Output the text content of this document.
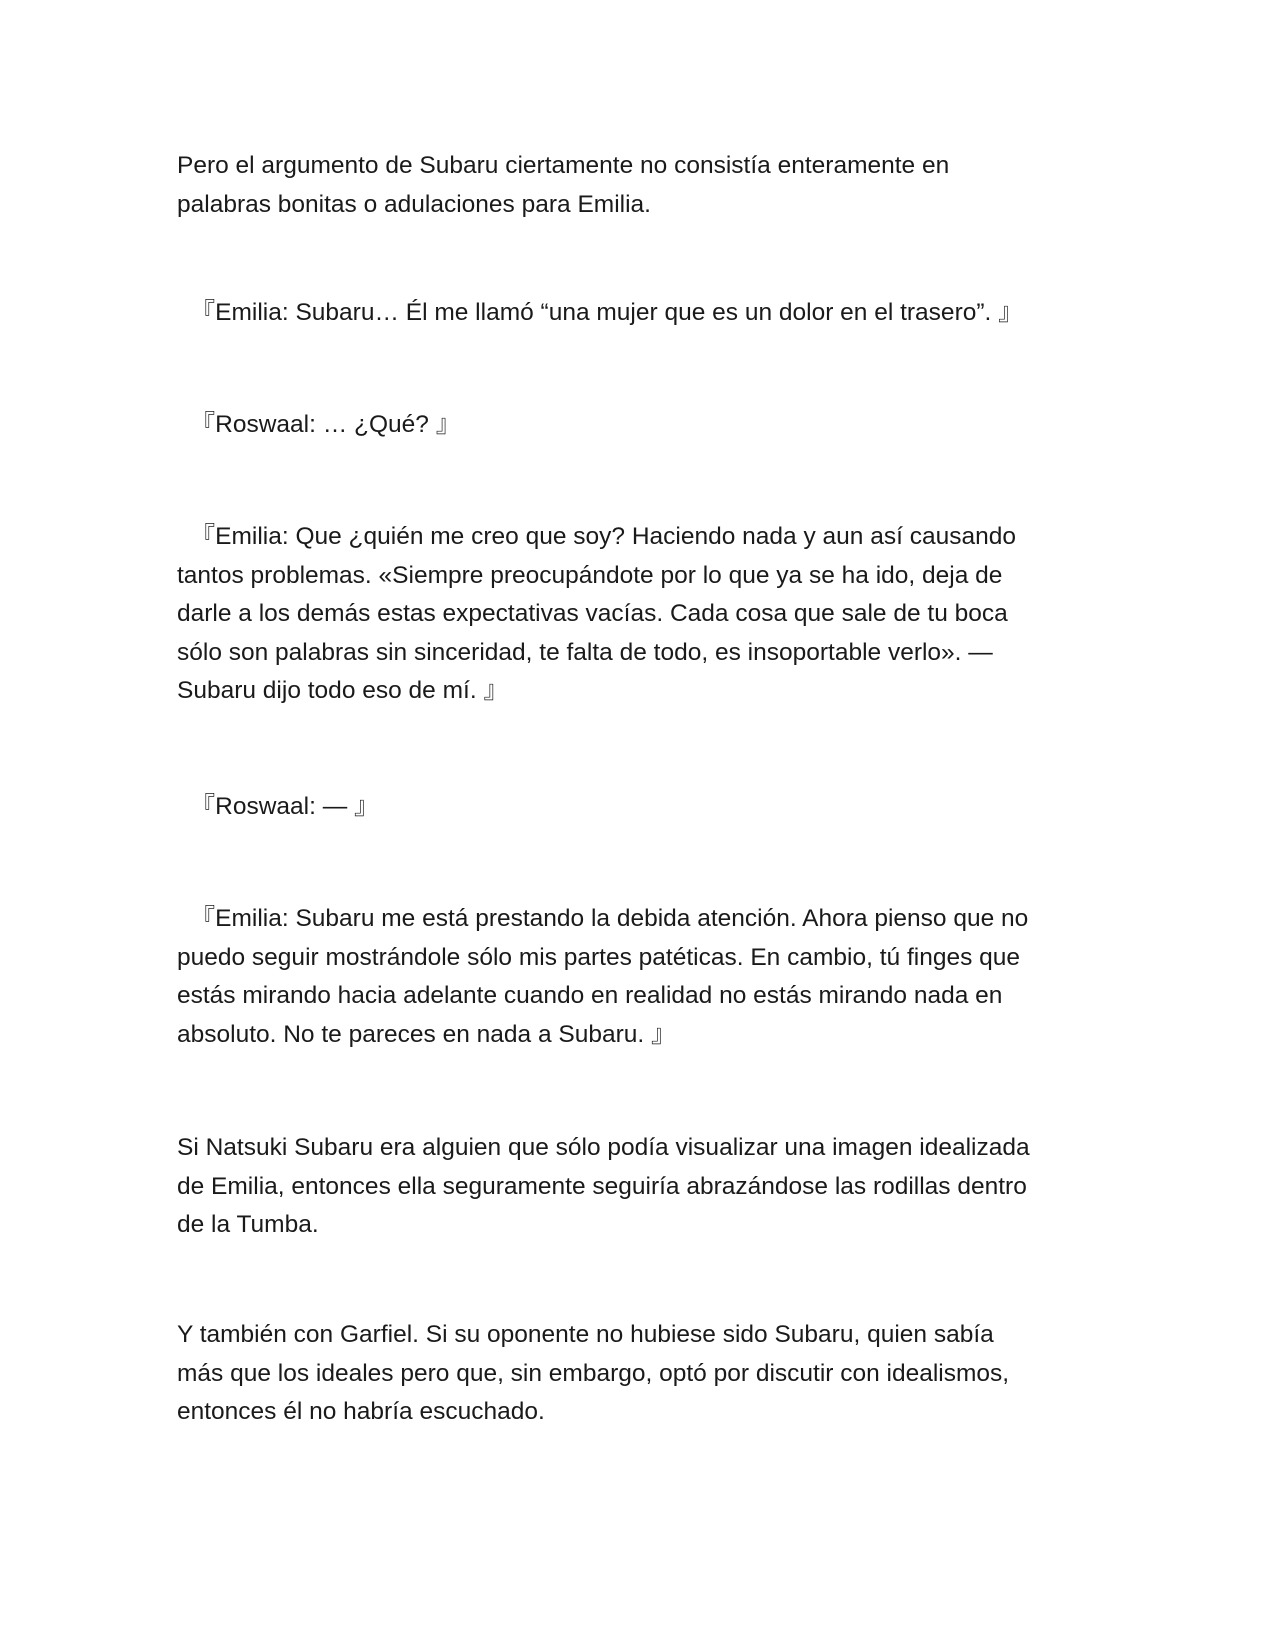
Pero el argumento de Subaru ciertamente no consistía enteramente en
palabras bonitas o adulaciones para Emilia.

『Emilia: Subaru… Él me llamó “una mujer que es un dolor en el trasero”. 』

『Roswaal: … ¿Qué? 』

『Emilia: Que ¿quién me creo que soy? Haciendo nada y aun así causando
tantos problemas. «Siempre preocupándote por lo que ya se ha ido, deja de
darle a los demás estas expectativas vacías. Cada cosa que sale de tu boca
sólo son palabras sin sinceridad, te falta de todo, es insoportable verlo». —
Subaru dijo todo eso de mí. 』

『Roswaal: — 』

『Emilia: Subaru me está prestando la debida atención. Ahora pienso que no
puedo seguir mostrándole sólo mis partes patéticas. En cambio, tú finges que
estás mirando hacia adelante cuando en realidad no estás mirando nada en
absoluto. No te pareces en nada a Subaru. 』

Si Natsuki Subaru era alguien que sólo podía visualizar una imagen idealizada
de Emilia, entonces ella seguramente seguiría abrazándose las rodillas dentro
de la Tumba.

Y también con Garfiel. Si su oponente no hubiese sido Subaru, quien sabía
más que los ideales pero que, sin embargo, optó por discutir con idealismos,
entonces él no habría escuchado.
